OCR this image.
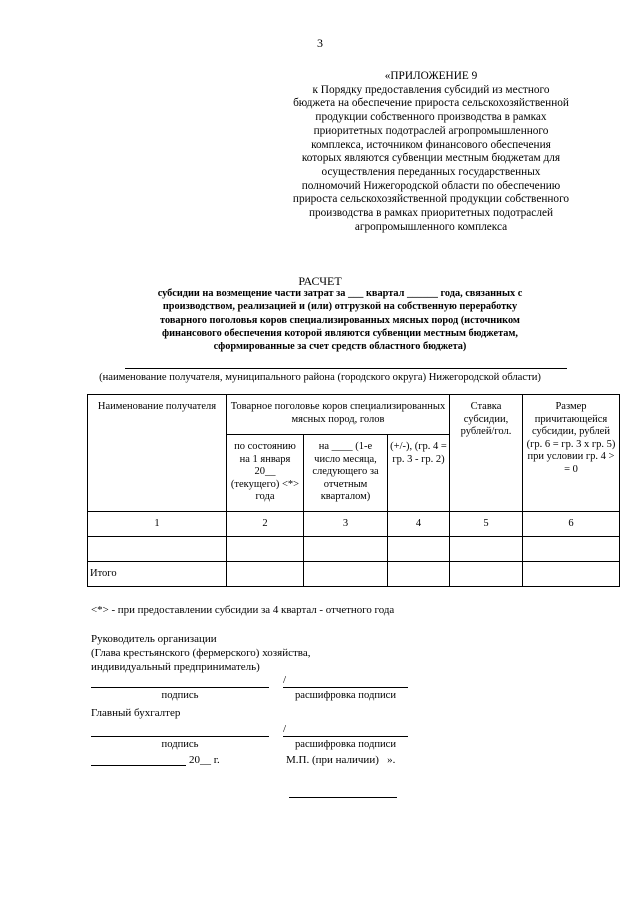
3
«ПРИЛОЖЕНИЕ 9
к Порядку предоставления субсидий из местного
бюджета на обеспечение прироста сельскохозяйственной
продукции собственного производства в рамках
приоритетных подотраслей агропромышленного
комплекса, источником финансового обеспечения
которых являются субвенции местным бюджетам для
осуществления переданных государственных
полномочий Нижегородской области по обеспечению
прироста сельскохозяйственной продукции собственного
производства в рамках приоритетных подотраслей
агропромышленного комплекса
РАСЧЕТ
субсидии на возмещение части затрат за ___ квартал ______ года, связанных с
производством, реализацией и (или) отгрузкой на собственную переработку
товарного поголовья коров специализированных мясных пород (источником
финансового обеспечения которой являются субвенции местным бюджетам,
сформированные за счет средств областного бюджета)
(наименование получателя, муниципального района (городского округа) Нижегородской области)
Наименование получателя	Товарное поголовье коров специализированных мясных пород, голов			Ставка субсидии, рублей/гол.	Размер причитающейся субсидии, рублей (гр. 6 = гр. 3 x гр. 5) при условии гр. 4 > = 0
	по состоянию на 1 января 20__ (текущего) <*> года	на ____ (1-е число месяца, следующего за отчетным кварталом)	(+/-), (гр. 4 = гр. 3 - гр. 2)		
1	2	3	4	5	6

Итого					
<*> - при предоставлении субсидии за 4 квартал - отчетного года
Руководитель организации
(Глава крестьянского (фермерского) хозяйства,
индивидуальный предприниматель)
/
подпись	расшифровка подписи
Главный бухгалтер
/
подпись	расшифровка подписи
20__ г.	М.П. (при наличии)   ».
